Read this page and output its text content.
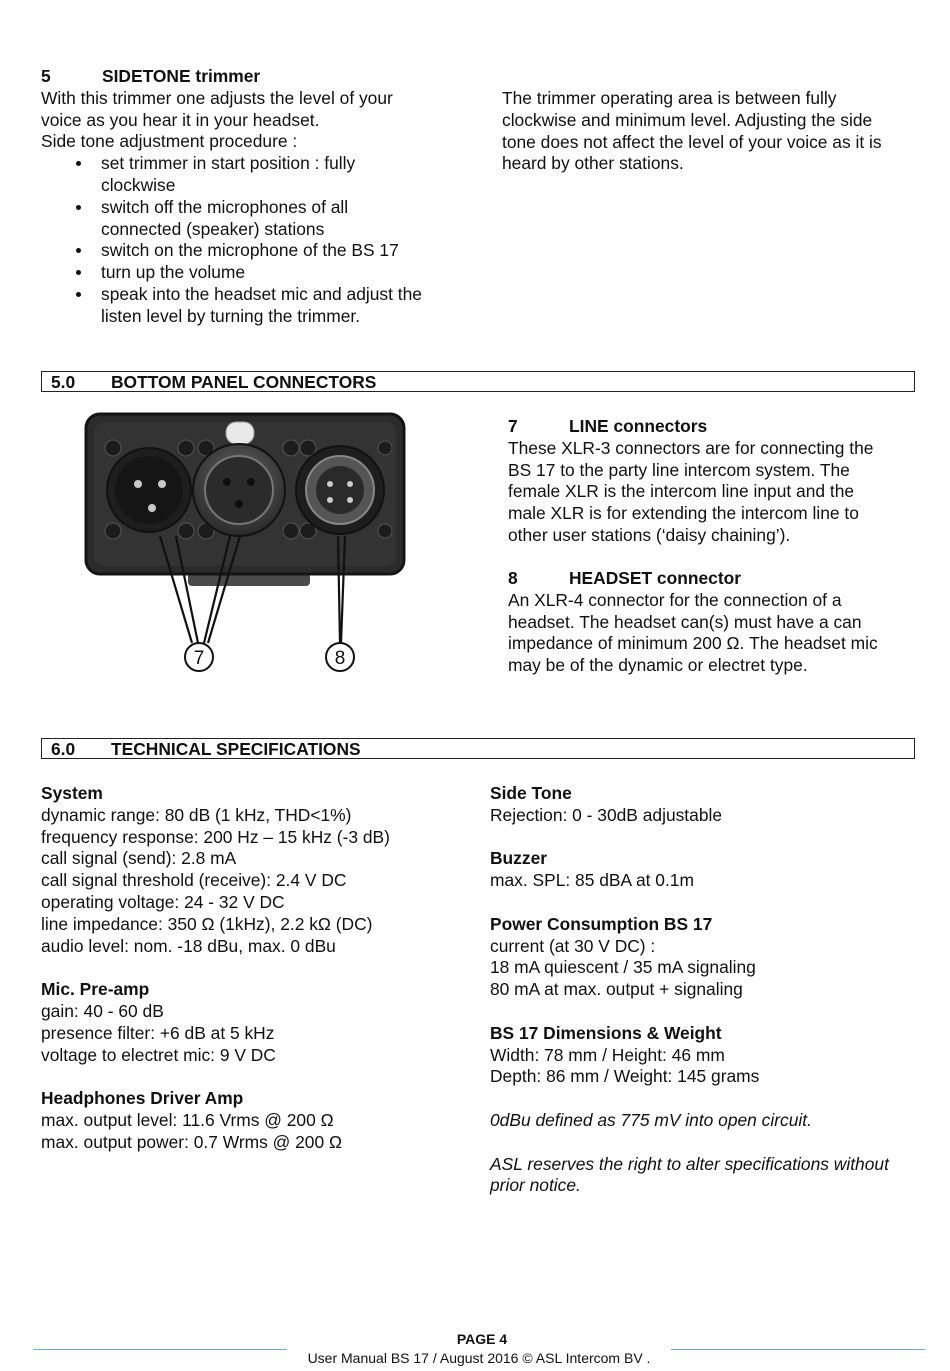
5	SIDETONE trimmer
With this trimmer one adjusts the level of your
voice as you hear it in your headset.
Side tone adjustment procedure :
set trimmer in start position : fully
clockwise
switch off the microphones of all
connected (speaker) stations
switch on the microphone of the BS 17
turn up the volume
speak into the headset mic and adjust the
listen level by turning the trimmer.
The trimmer operating area is between fully
clockwise and minimum level. Adjusting the side
tone does not affect the level of your voice as it is
heard by other stations.
5.0 BOTTOM PANEL CONNECTORS
7	8
7	LINE connectors
These XLR-3 connectors are for connecting the
BS 17 to the party line intercom system. The
female XLR is the intercom line input and the
male XLR is for extending the intercom line to
other user stations (‘daisy chaining’).
8	HEADSET connector
An XLR-4 connector for the connection of a
headset. The headset can(s) must have a can
impedance of minimum 200 Ω. The headset mic
may be of the dynamic or electret type.
6.0 TECHNICAL SPECIFICATIONS

System

dynamic range: 80 dB (1 kHz, THD<1%)

frequency response: 200 Hz – 15 kHz (-3 dB)

call signal (send): 2.8 mA

call signal threshold (receive): 2.4 V DC

operating voltage: 24 - 32 V DC

line impedance: 350 Ω (1kHz), 2.2 kΩ (DC)

audio level: nom. -18 dBu, max. 0 dBu

Mic. Pre-amp

gain: 40 - 60 dB

presence filter: +6 dB at 5 kHz

voltage to electret mic: 9 V DC

Headphones Driver Amp

max. output level: 11.6 Vrms @ 200 Ω

max. output power: 0.7 Wrms @ 200 Ω

Side Tone

Rejection: 0 - 30dB adjustable

Buzzer

max. SPL: 85 dBA at 0.1m

Power Consumption BS 17

current (at 30 V DC) :

18 mA quiescent / 35 mA signaling

80 mA at max. output + signaling

BS 17 Dimensions & Weight

Width: 78 mm / Height: 46 mm

Depth: 86 mm / Weight: 145 grams

0dBu defined as 775 mV into open circuit.

ASL reserves the right to alter specifications without

prior notice.

PAGE 4
User Manual BS 17 / August 2016 © ASL Intercom BV .
